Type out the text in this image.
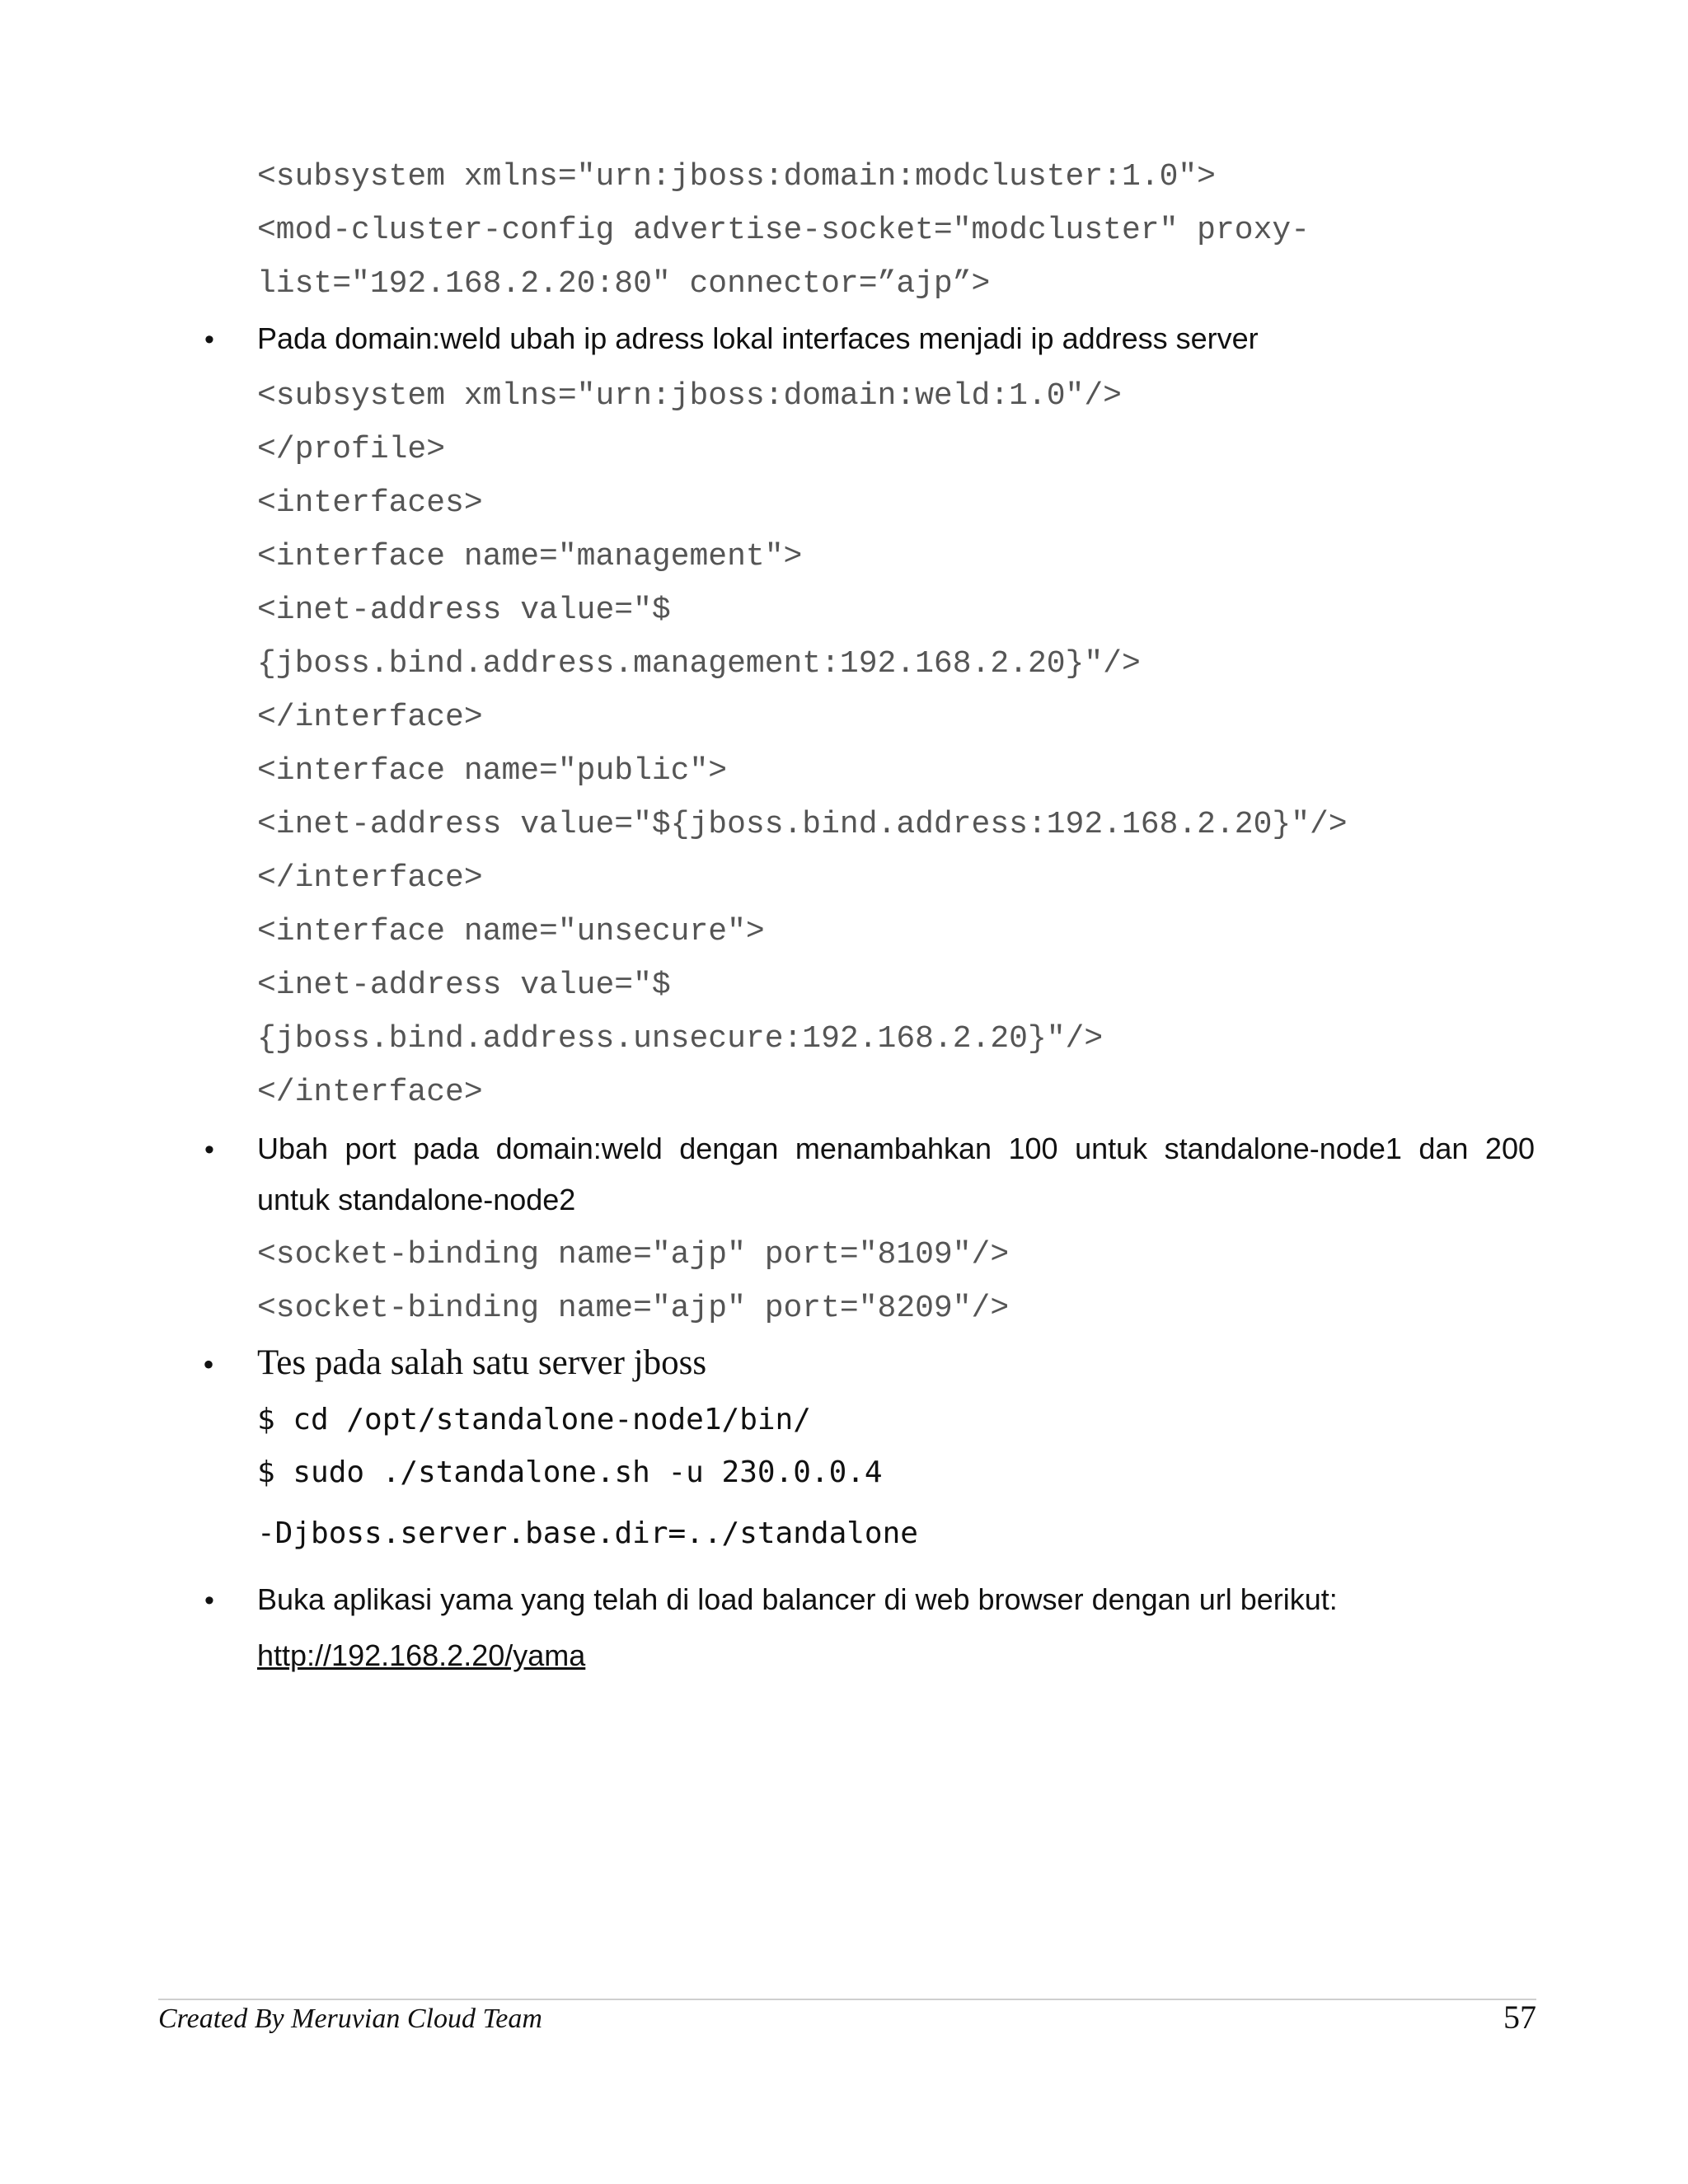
<subsystem xmlns="urn:jboss:domain:modcluster:1.0">
<mod-cluster-config advertise-socket="modcluster" proxy-
list="192.168.2.20:80" connector=”ajp”>
• Pada domain:weld ubah ip adress lokal interfaces menjadi ip address server
<subsystem xmlns="urn:jboss:domain:weld:1.0"/>
</profile>
<interfaces>
<interface name="management">
<inet-address value="$
{jboss.bind.address.management:192.168.2.20}"/>
</interface>
<interface name="public">
<inet-address value="${jboss.bind.address:192.168.2.20}"/>
</interface>
<interface name="unsecure">
<inet-address value="$
{jboss.bind.address.unsecure:192.168.2.20}"/>
</interface>
• Ubah port pada domain:weld dengan menambahkan 100 untuk standalone-node1 dan 200
untuk standalone-node2
<socket-binding name="ajp" port="8109"/>
<socket-binding name="ajp" port="8209"/>
• Tes pada salah satu server jboss
$ cd /opt/standalone-node1/bin/
$ sudo ./standalone.sh -u 230.0.0.4
-Djboss.server.base.dir=../standalone
• Buka aplikasi yama yang telah di load balancer di web browser dengan url berikut:
http://192.168.2.20/yama
Created By Meruvian Cloud Team	57
